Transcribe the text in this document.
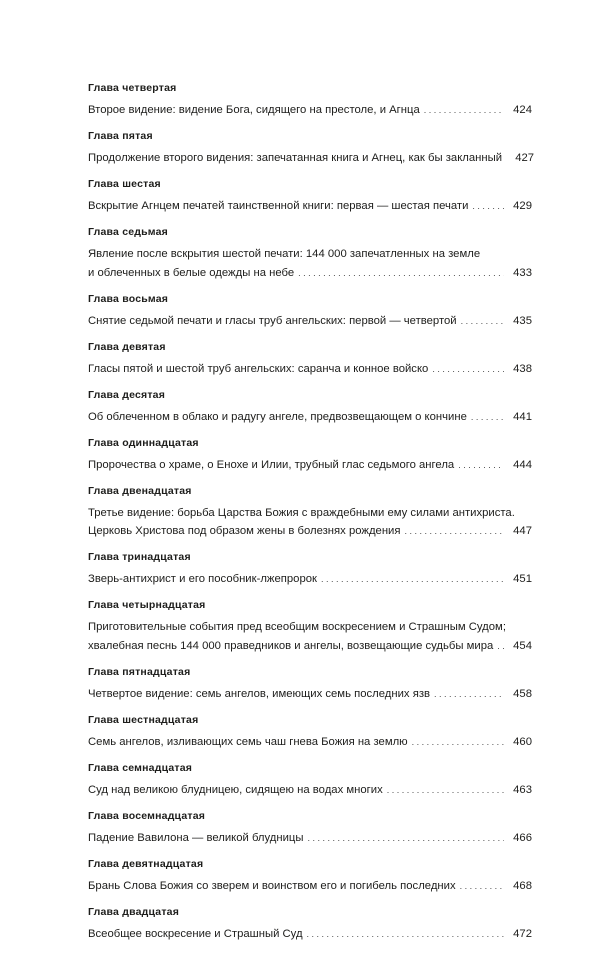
Глава четвертая
Второе видение: видение Бога, сидящего на престоле, и Агнца . . .	424
Глава пятая
Продолжение второго видения: запечатанная книга и Агнец, как бы закланный	427
Глава шестая
Вскрытие Агнцем печатей таинственной книги: первая — шестая печати . . .	429
Глава седьмая
Явление после вскрытия шестой печати: 144 000 запечатленных на земле
и облеченных в белые одежды на небе . . .	433
Глава восьмая
Снятие седьмой печати и гласы труб ангельских: первой — четвертой . . .	435
Глава девятая
Гласы пятой и шестой труб ангельских: саранча и конное войско . . .	438
Глава десятая
Об облеченном в облако и радугу ангеле, предвозвещающем о кончине . . .	441
Глава одиннадцатая
Пророчества о храме, о Енохе и Илии, трубный глас седьмого ангела . . .	444
Глава двенадцатая
Третье видение: борьба Царства Божия с враждебными ему силами антихриста.
Церковь Христова под образом жены в болезнях рождения . . .	447
Глава тринадцатая
Зверь-антихрист и его пособник-лжепророк . . .	451
Глава четырнадцатая
Приготовительные события пред всеобщим воскресением и Страшным Судом;
хвалебная песнь 144 000 праведников и ангелы, возвещающие судьбы мира . . .	454
Глава пятнадцатая
Четвертое видение: семь ангелов, имеющих семь последних язв . . .	458
Глава шестнадцатая
Семь ангелов, изливающих семь чаш гнева Божия на землю . . .	460
Глава семнадцатая
Суд над великою блудницею, сидящею на водах многих . . .	463
Глава восемнадцатая
Падение Вавилона — великой блудницы . . .	466
Глава девятнадцатая
Брань Слова Божия со зверем и воинством его и погибель последних . . .	468
Глава двадцатая
Всеобщее воскресение и Страшный Суд . . .	472
